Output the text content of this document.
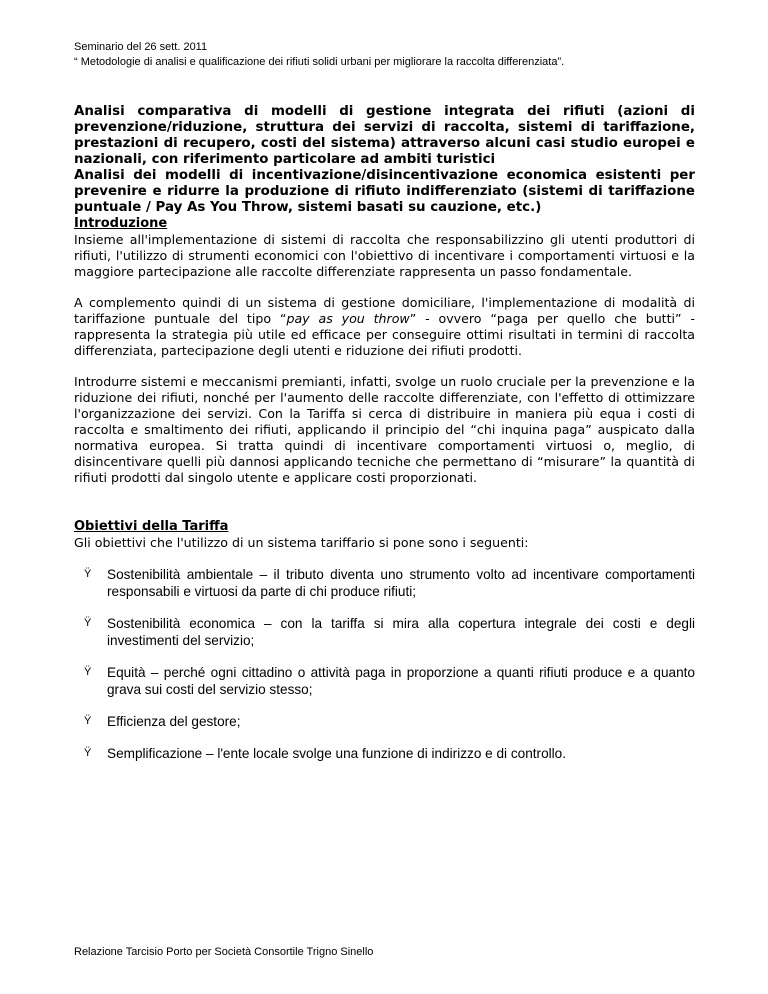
Seminario del 26 sett. 2011
“ Metodologie di analisi e qualificazione dei rifiuti solidi urbani per migliorare la raccolta differenziata”.

Analisi comparativa di modelli di gestione integrata dei rifiuti (azioni di prevenzione/riduzione, struttura dei servizi di raccolta, sistemi di tariffazione, prestazioni di recupero, costi del sistema) attraverso alcuni casi studio europei e nazionali, con riferimento particolare ad ambiti turistici

Analisi dei modelli di incentivazione/disincentivazione economica esistenti per prevenire e ridurre la produzione di rifiuto indifferenziato (sistemi di tariffazione puntuale / Pay As You Throw, sistemi basati su cauzione, etc.)

Introduzione

Insieme all'implementazione di sistemi di raccolta che responsabilizzino gli utenti produttori di rifiuti, l'utilizzo di strumenti economici con l'obiettivo di incentivare i comportamenti virtuosi e la maggiore partecipazione alle raccolte differenziate rappresenta un passo fondamentale.

A complemento quindi di un sistema di gestione domiciliare, l'implementazione di modalità di tariffazione puntuale del tipo “pay as you throw” - ovvero “paga per quello che butti” - rappresenta la strategia più utile ed efficace per conseguire ottimi risultati in termini di raccolta differenziata, partecipazione degli utenti e riduzione dei rifiuti prodotti.

Introdurre sistemi e meccanismi premianti, infatti, svolge un ruolo cruciale per la prevenzione e la riduzione dei rifiuti, nonché per l'aumento delle raccolte differenziate, con l'effetto di ottimizzare l'organizzazione dei servizi. Con la Tariffa si cerca di distribuire in maniera più equa i costi di raccolta e smaltimento dei rifiuti, applicando il principio del “chi inquina paga” auspicato dalla normativa europea. Si tratta quindi di incentivare comportamenti virtuosi o, meglio, di disincentivare quelli più dannosi applicando tecniche che permettano di “misurare” la quantità di rifiuti prodotti dal singolo utente e applicare costi proporzionati.

Obiettivi della Tariffa

Gli obiettivi che l'utilizzo di un sistema tariffario si pone sono i seguenti:

Ÿ Sostenibilità ambientale – il tributo diventa uno strumento volto ad incentivare comportamenti responsabili e virtuosi da parte di chi produce rifiuti;
Ÿ Sostenibilità economica – con la tariffa si mira alla copertura integrale dei costi e degli investimenti del servizio;
Ÿ Equità – perché ogni cittadino o attività paga in proporzione a quanti rifiuti produce e a quanto grava sui costi del servizio stesso;
Ÿ Efficienza del gestore;
Ÿ Semplificazione – l'ente locale svolge una funzione di indirizzo e di controllo.
Relazione Tarcisio Porto per Società Consortile Trigno Sinello
